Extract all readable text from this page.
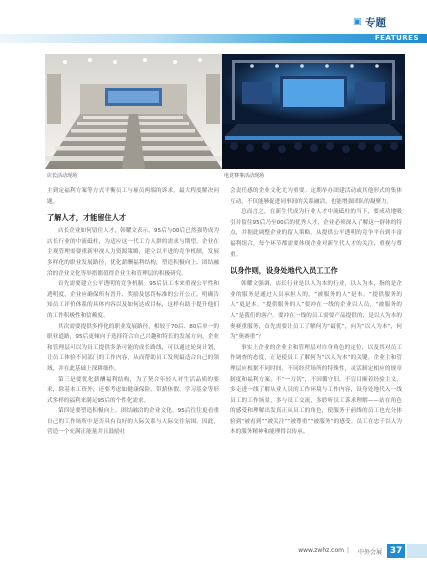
▣ 专题
FEATURES
店长活动现场	电竞赛事活动现场

主到定福利方案等方式平衡员工与雇员两端的诉求，最大程度解决问题。

了解人才，才能留住人才

店长企业如何留住人才，韩耀文表示，95后与00后已然强势成为店长行业的中流砥柱，为适应这一代工力人群的需求与期望，企业在主观管理需要重新审视人力资源策略，建立以平进的竞争机制，发展多样化的职业发展路径，优化薪酬福利结构，塑造积极向上、团结融洽的企业文化等举措都值得企业主和管理层的积极研究。

首先需要建立公平透明的竞争机制。95后员工本来重视公平性和透明度，企业应确保所有晋升、奖励及惩罚标准的公开公正，明确告知员工评价体系的具体内容以及如何达成目标，这样有助于提升他们的工作积极性和信赖度。

其次需要提供多样化的职业发展路径，相较于70后、80后单一的职业道路，95后更倾向于选择符合自己兴趣和特长的发展方向。企业和管理层可以为员工提供多条可能的成长路线，可以通过轮岗计划，让员工体验不同部门的工作内容，从而帮助员工发现最适合自己的领域，并在此基础上深耕细作。

第三是要优化薪酬福利结构，为了契合年轻人对生活品质的要求，除基本工资外，还要考虑如健康保险、带薪休假、学习基金等形式多样的福利来满足95后的个性化需求。

第四是要塑造积极向上、团结融洽的企业文化。95后往往更看重自己的工作场所中是否具有良好的人际关系与人际交往氛围。因此，营造一个充满正能量并且鼓励社

会责任感的企业文化尤为重要。定期举办团建活动或其他形式的集体互动，不仅能够促进同事间的关系融洽，也能增强团队的凝聚力。

总而言之，在新生代成为行业人才中流砥柱的当下，要成功地吸引并留住95后乃至00后的优秀人才，企业必须深入了解这一群体的特点，并据此调整企业的留人策略。从提供公平透明的竞争平台到丰富福利组合，每个环节都需要体现企业对新生代人才的关注、重视与尊重。

以身作则，设身处地代入员工工作

韩耀文强调，店长行业是以人为本的行业，以人为本，指的是企业的服务是通过人员承担人的，“被服务的人”是本。“提供服务的人”更是本。“提供服务的人”要冲在一线的企业以人员，“被服务的人”是我们的客户。要冲在一线的员工需要产品提供的，是以人为本的奥赛重服务，首先需要让员工了解何为“最优”，向为“以人为本”，何为“奥赛重”？

事实上企业的企业主和管理层对自身角色的定位，以及其对员工作调查的态度，正是使员工了解何为“以人为本”的关键。企业主和管理层应根据不同时间、不同经营场所的特殊性，灵活制定相应的规章制度和福利方案，不“一刀切”，不因循守旧，不盲目顺着经验主义，多走进一线了解从业人员的工作环境与工作内容，设身处地代入一线员工的工作场景，多与员工交流，多聆听员工诉求理解——站在角色的感受和理解出发真正从员工的角色，使服务于前线的员工也充分体验到“被看到”“被关注”“被尊重”“被服务”的感受。员工在忠于以人为本的服务精神和能理得以传承。

www.zwhz.com | 中外会展 37
